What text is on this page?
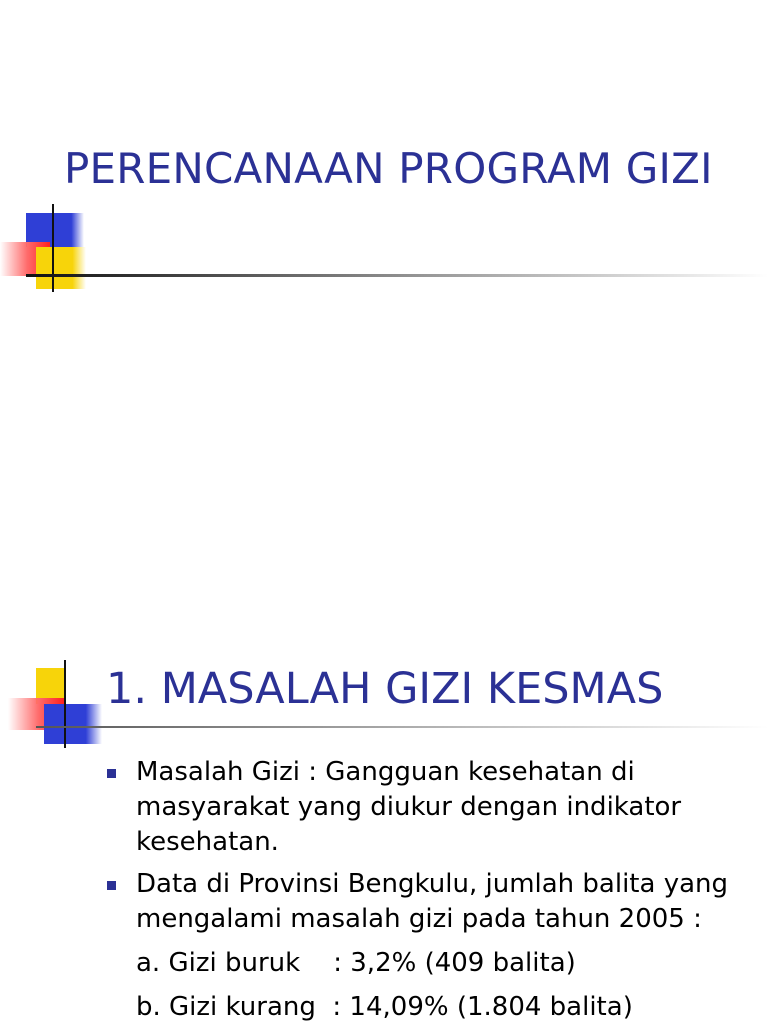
PERENCANAAN PROGRAM GIZI
1. MASALAH GIZI KESMAS
Masalah Gizi : Gangguan kesehatan di masyarakat yang diukur dengan indikator kesehatan.
Data di Provinsi Bengkulu, jumlah balita yang mengalami masalah gizi pada tahun 2005 :
a. Gizi buruk    : 3,2% (409 balita)
b. Gizi kurang  : 14,09% (1.804 balita)
